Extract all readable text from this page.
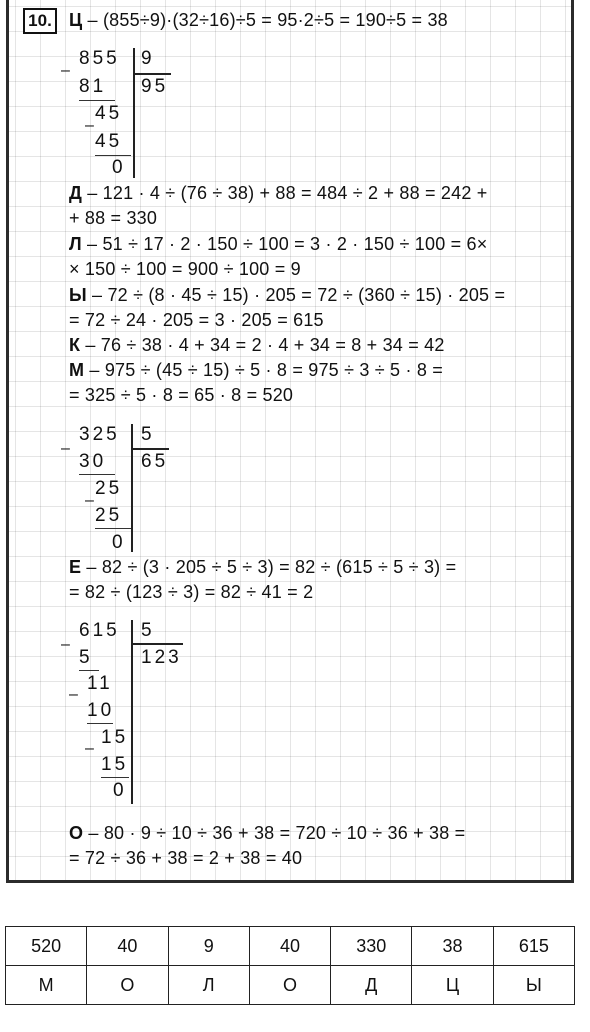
10. Ц – (855÷9)·(32÷16)÷5 = 95·2÷5 = 190÷5 = 38
Д – 121 · 4 ÷ (76 ÷ 38) + 88 = 484 ÷ 2 + 88 = 242 +
+ 88 = 330
Л – 51 ÷ 17 · 2 · 150 ÷ 100 = 3 · 2 · 150 ÷ 100 = 6×
× 150 ÷ 100 = 900 ÷ 100 = 9
Ы – 72 ÷ (8 · 45 ÷ 15) · 205 = 72 ÷ (360 ÷ 15) · 205 =
= 72 ÷ 24 · 205 = 3 · 205 = 615
К – 76 ÷ 38 · 4 + 34 = 2 · 4 + 34 = 8 + 34 = 42
М – 975 ÷ (45 ÷ 15) ÷ 5 · 8 = 975 ÷ 3 ÷ 5 · 8 =
= 325 ÷ 5 · 8 = 65 · 8 = 520
Е – 82 ÷ (3 · 205 ÷ 5 ÷ 3) = 82 ÷ (615 ÷ 5 ÷ 3) =
= 82 ÷ (123 ÷ 3) = 82 ÷ 41 = 2
О – 80 · 9 ÷ 10 ÷ 36 + 38 = 720 ÷ 10 ÷ 36 + 38 =
= 72 ÷ 36 + 38 = 2 + 38 = 40
–
855 9
95
81
45
–
45
0
–
325 5
65
30
25
–
25
0
–
615 5
123
5
–
11
10
–
15
15
0
520	40	9	40	330	38	615
М	О	Л	О	Д	Ц	Ы
